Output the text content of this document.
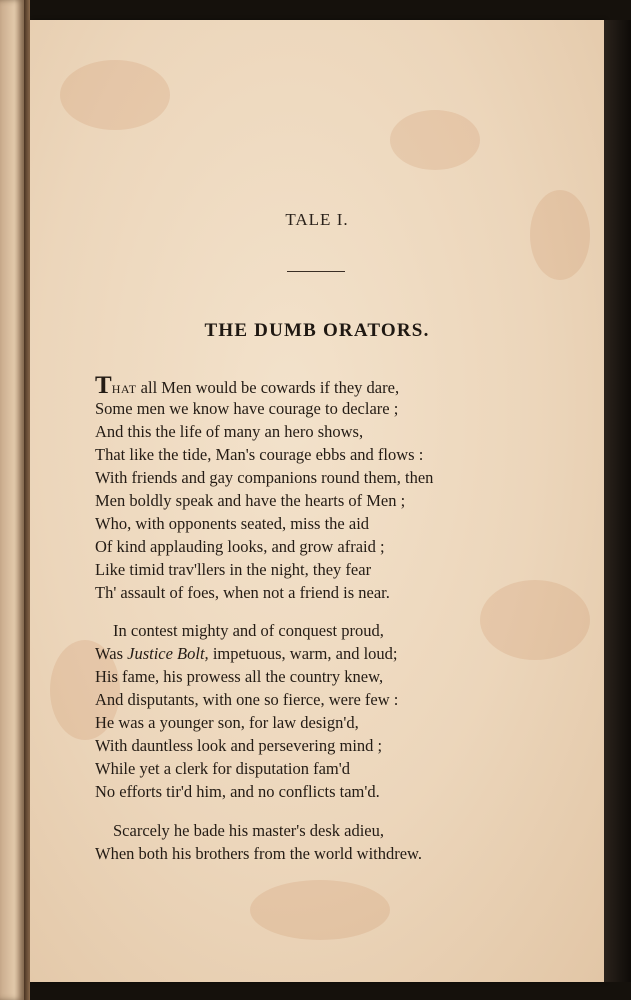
TALE I.
THE DUMB ORATORS.
THAT all Men would be cowards if they dare,
Some men we know have courage to declare ;
And this the life of many an hero shows,
That like the tide, Man's courage ebbs and flows :
With friends and gay companions round them, then
Men boldly speak and have the hearts of Men ;
Who, with opponents seated, miss the aid
Of kind applauding looks, and grow afraid ;
Like timid trav'llers in the night, they fear
Th' assault of foes, when not a friend is near.
In contest mighty and of conquest proud,
Was Justice Bolt, impetuous, warm, and loud;
His fame, his prowess all the country knew,
And disputants, with one so fierce, were few :
He was a younger son, for law design'd,
With dauntless look and persevering mind ;
While yet a clerk for disputation fam'd
No efforts tir'd him, and no conflicts tam'd.
Scarcely he bade his master's desk adieu,
When both his brothers from the world withdrew.
